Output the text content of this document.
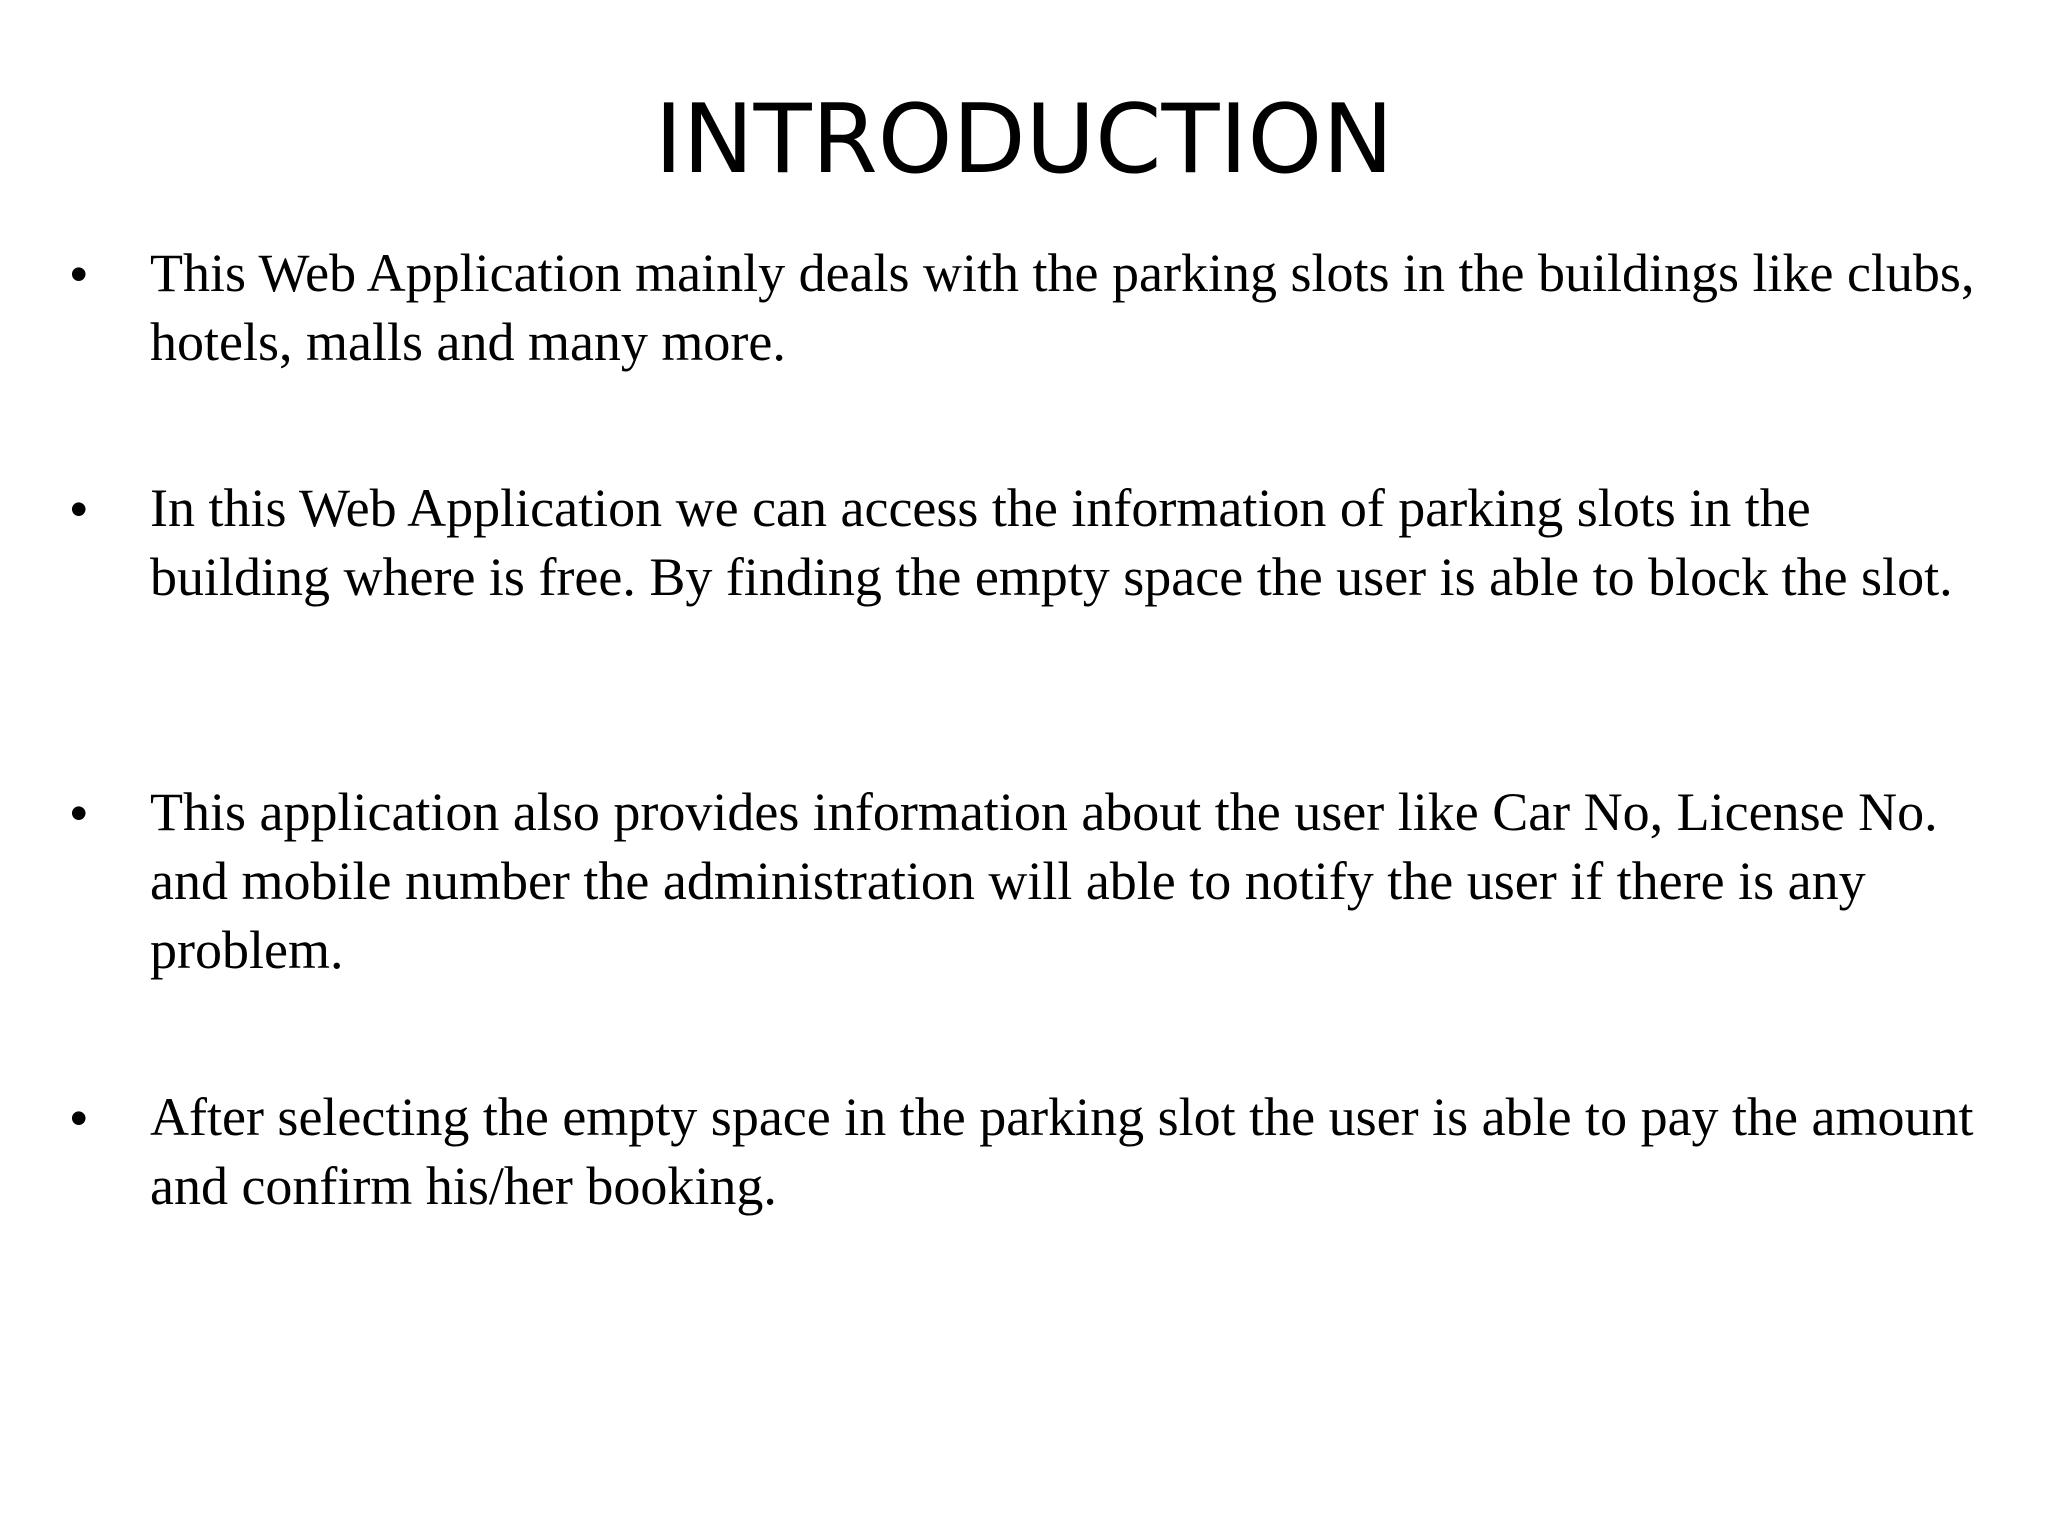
INTRODUCTION
• This Web Application mainly deals with the parking slots in the buildings like clubs, hotels, malls and many more.
• In this Web Application we can access the information of parking slots in the building where is free. By finding the empty space the user is able to block the slot.
• This application also provides information about the user like Car No, License No. and mobile number the administration will able to notify the user if there is any problem.
• After selecting the empty space in the parking slot the user is able to pay the amount and confirm his/her booking.
